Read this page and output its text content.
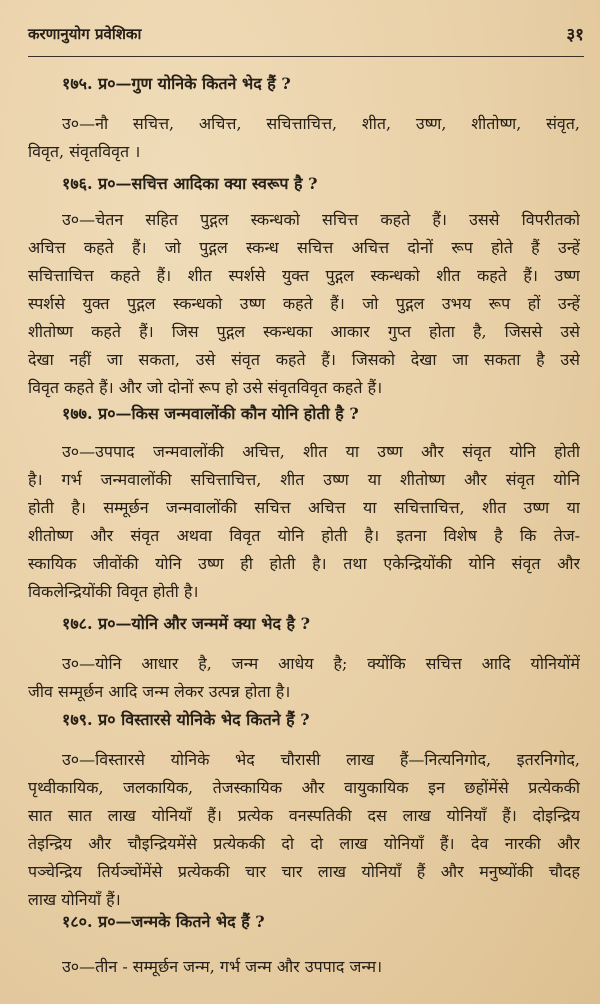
करणानुयोग प्रवेशिका	३१
१७५. प्र०—गुण योनिके कितने भेद हैं ?
उ०—नौ सचित्त, अचित्त, सचित्ताचित्त, शीत, उष्ण, शीतोष्ण, संवृत,
विवृत, संवृतविवृत ।
१७६. प्र०—सचित्त आदिका क्या स्वरूप है ?
उ०—चेतन सहित पुद्गल स्कन्धको सचित्त कहते हैं। उससे विपरीतको
अचित्त कहते हैं। जो पुद्गल स्कन्ध सचित्त अचित्त दोनों रूप होते हैं उन्हें
सचित्ताचित्त कहते हैं। शीत स्पर्शसे युक्त पुद्गल स्कन्धको शीत कहते हैं। उष्ण
स्पर्शसे युक्त पुद्गल स्कन्धको उष्ण कहते हैं। जो पुद्गल उभय रूप हों उन्हें
शीतोष्ण कहते हैं। जिस पुद्गल स्कन्धका आकार गुप्त होता है, जिससे उसे
देखा नहीं जा सकता, उसे संवृत कहते हैं। जिसको देखा जा सकता है उसे
विवृत कहते हैं। और जो दोनों रूप हो उसे संवृतविवृत कहते हैं।
१७७. प्र०—किस जन्मवालोंकी कौन योनि होती है ?
उ०—उपपाद जन्मवालोंकी अचित्त, शीत या उष्ण और संवृत योनि होती
है। गर्भ जन्मवालोंकी सचित्ताचित्त, शीत उष्ण या शीतोष्ण और संवृत योनि
होती है। सम्मूर्छन जन्मवालोंकी सचित्त अचित्त या सचित्ताचित्त, शीत उष्ण या
शीतोष्ण और संवृत अथवा विवृत योनि होती है। इतना विशेष है कि तेज-
स्कायिक जीवोंकी योनि उष्ण ही होती है। तथा एकेन्द्रियोंकी योनि संवृत और
विकलेन्द्रियोंकी विवृत होती है।
१७८. प्र०—योनि और जन्ममें क्या भेद है ?
उ०—योनि आधार है, जन्म आधेय है; क्योंकि सचित्त आदि योनियोंमें
जीव सम्मूर्छन आदि जन्म लेकर उत्पन्न होता है।
१७९. प्र० विस्तारसे योनिके भेद कितने हैं ?
उ०—विस्तारसे योनिके भेद चौरासी लाख हैं—नित्यनिगोद, इतरनिगोद,
पृथ्वीकायिक, जलकायिक, तेजस्कायिक और वायुकायिक इन छहोंमेंसे प्रत्येककी
सात सात लाख योनियाँ हैं। प्रत्येक वनस्पतिकी दस लाख योनियाँ हैं। दोइन्द्रिय
तेइन्द्रिय और चौइन्द्रियमेंसे प्रत्येककी दो दो लाख योनियाँ हैं। देव नारकी और
पञ्चेन्द्रिय तिर्यञ्चोंमेंसे प्रत्येककी चार चार लाख योनियाँ हैं और मनुष्योंकी चौदह
लाख योनियाँ हैं।
१८०. प्र०—जन्मके कितने भेद हैं ?
उ०—तीन - सम्मूर्छन जन्म, गर्भ जन्म और उपपाद जन्म।
